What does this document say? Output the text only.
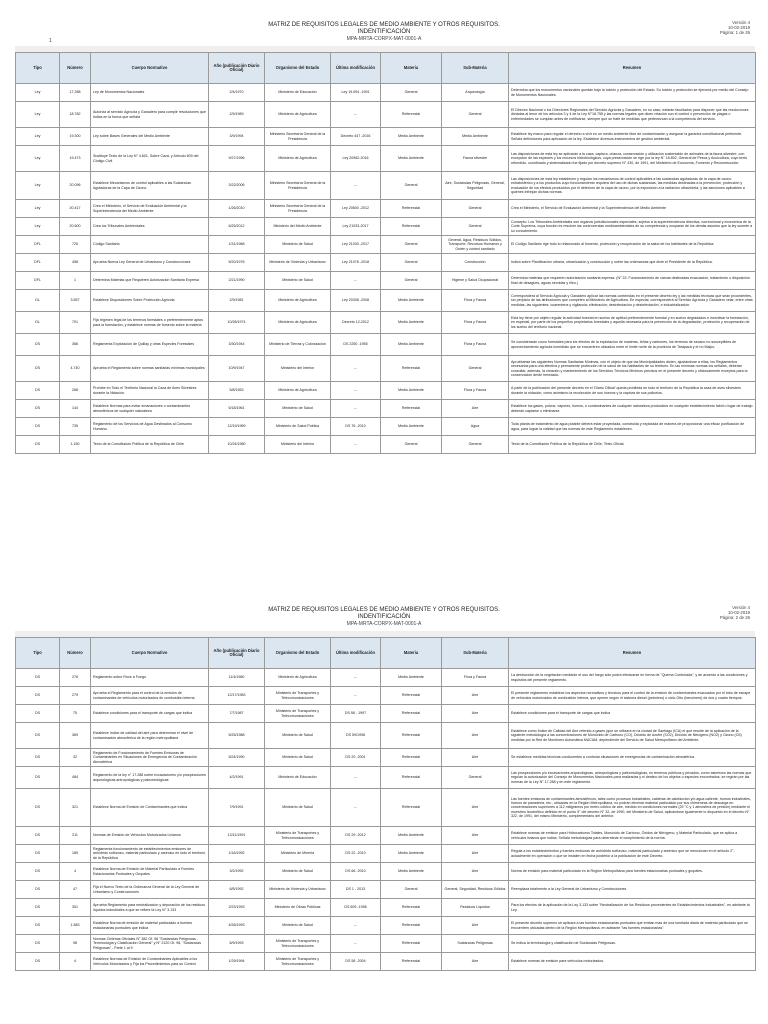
MATRIZ DE REQUISITOS LEGALES DE MEDIO AMBIENTE Y OTROS REQUISITOS.
INDENTIFICACIÓN
MPA-MRTA-CORPX-MAT-0001-A
Versión 4
10-02-2019
Página: 1 de 26
1
Tipo	Número	Cuerpo Normativo	Año (publicación Diario Oficial)	Organismo del Estado	Última modificación	Materia	Sub-Materia	Resumen
Ley	17.288	Ley de Monumentos Nacionales	2/4/1970	Ministerio de Educación	Ley 19.094 -1991	General	Arqueología	Determina que los monumentos nacionales quedan bajo la tuición y protección del Estado. Su tuición y protección se ejercerá por medio del Consejo de Monumentos Nacionales.
Ley	18.782	Autoriza al servicio Agrícola y Ganadero para cumplir resoluciones que indica en la forma que señala	2/9/1989	Ministerio de Agricultura	--	Referencial	General	El Director Nacional o los Directores Regionales del Servicio Agrícola y Ganadero, en su caso, estarán facultados para disponer que las resoluciones dictadas al tenor de los artículos 3 y 4 de la Ley N°18.755 y las normas legales que dicen relación con el control o prevención de plagas o enfermedades se cumplan antes de notificarse, siempre que se trate de medidas que pertenezcan a la competencia del servicio.
Ley	19.300	Ley sobre Bases Generales del Medio Ambiente	3/9/1994	Ministerio Secretaría General de la Presidencia	Decreto 447 -2016	Medio Ambiente	Medio Ambiente	Establece ley marco para regular el derecho a vivir en un medio ambiente libre de contaminación y asegurar la garantía constitucional pertinente. Señala definiciones para aplicación de la ley. Establece diversos instrumentos de gestión ambiental.
Ley	19.473	Sustituye Texto de la Ley N° 4.601, Sobre Caza, y Artículo 609 del Código Civil.	9/27/1996	Ministerio de Agricultura	Ley 20962-2016	Medio Ambiente	Fauna silvestre	Las disposiciones de esta ley se aplicarán a la caza, captura, crianza, conservación y utilización sustentable de animales de la fauna silvestre, con excepción de las especies y los recursos hidrobiológicos, cuya preservación se rige por la ley N° 18.892, General de Pesca y Acuicultura, cuyo texto refundido, coordinado y sistematizado fue fijado por decreto supremo N° 430, de 1991, del Ministerio de Economía, Fomento y Reconstrucción.
Ley	20.096	Establece Mecanismos de control aplicables a las Sustancias Agotadoras de la Capa de Ozono	3/22/2006	Ministerio Secretaría General de la Presidencia	--	General	Aire, Sustancias Peligrosas, General, Seguridad	Las disposiciones de esta ley establecen y regulan los mecanismos de control aplicables a las sustancias agotadoras de la capa de ozono estratosférico y a los productos cuyo funcionamiento requiera del uso de dichas sustancias, las medidas destinadas a la prevención, protección y evaluación de los efectos producidos por el deterioro de la capa de ozono, por la exposición a la radiación ultravioleta, y las sanciones aplicables a quienes infrinjan dichas normas.
Ley	20.417	Crea el Ministerio, el Servicio de Evaluación Ambiental y la Superintendencia del Medio Ambiente	1/26/2010	Ministerio Secretaría General de la Presidencia	Ley 20600 -2012	Referencial	General	Crea el Ministerio, el Servicio de Evaluación Ambiental y la Superintendencia del Medio Ambiente
Ley	20.600	Crea los Tribunales Ambientales	6/25/2012	Ministerio del Medio Ambiente	Ley 21033-2017	Referencial	General	Concepto. Los Tribunales Ambientales son órganos jurisdiccionales especiales, sujetos a la superintendencia directiva, correccional y económica de la Corte Suprema, cuya función es resolver las controversias medioambientales de su competencia y ocuparse de los demás asuntos que la ley somete a su conocimiento.
DFL	725	Código Sanitario	1/31/1968	Ministerio de Salud	Ley 21030 -2017	General	General, Agua, Residuos Sólidos, Transporte, Recursos Humanos y Orden y control sanitario	El Código Sanitario rige todo lo relacionado al fomento, protección y recuperación de la salud de los habitantes de la República.
DFL	458	Aprueba Nueva Ley General de Urbanismo y Construcciones	5/20/1976	Ministerio de Vivienda y Urbanismo	Ley 21078 -2018	General	Construcción	Indica sobre Planificación urbana, urbanización y construcción y sobre las ordenanzas que dicte el Presidente de la República.
DFL	1	Determina Materias que Requieren Autorización Sanitaria Expresa	2/21/1990	Ministerio de Salud	--	General	Higiene y Salud Ocupacional	Determina materias que requieren autorización sanitaria expresa. (N° 22: Funcionamiento de cárcas destinadas evacuación, tratamiento o disposición final de desagües, aguas servidas y rileo.)
DL	3.557	Establece Disposiciones Sobre Protección Agrícola	2/9/1981	Ministerio de Agricultura	Ley 20308 -2008	Medio Ambiente	Flora y Fauna	Corresponderá al Servicio Agrícola y Ganadero aplicar las normas contenidas en el presente decreto ley y las medidas técnicas que sean procedentes, sin perjuicio de las atribuciones que competen al Ministerio de Agricultura. En especial, corresponderá al Servicio Agrícola y Ganadero velar, entre otras medidas, las siguientes: cuarentena y vigilancia; eliminación; desinfectación y desinfectación, e industrialización.
DL	701	Fija régimen legal de los terrenos forestales o preferentemente aptos para la forestación, y establece normas de fomento sobre la materia	10/28/1974	Ministerio de Agricultura	Decreto 12-2012	Medio Ambiente	Flora y Fauna	Esta ley tiene por objeto regular la actividad forestal en suelos de aptitud preferentemente forestal y en suelos degradados e incentivar la forestación, en especial, por parte de los pequeños propietarios forestales y aquella necesaria para la prevención de la degradación, protección y recuperación de los suelos del territorio nacional.
DS	366	Reglamenta Explotación de Quillay y otras Especies Forestales	3/30/1944	Ministerio de Tierras y Colonización	DS 2250 -1955	Medio Ambiente	Flora y Fauna	Se considerarán como forestales para los efectos de la explotación de maderas, leñas y carbones, los terrenos de secano no susceptibles de aprovechamiento agrícola inmediato que se encuentren ubicados entre el límite norte de la provincia de Tarapacá y el río Maipo.
DS	4.740	Aprueba el Reglamento sobre normas sanitarias mínimas municipales	10/9/1947	Ministerio del Interior	--	Referencial	General	Apruébanse las siguientes Normas Sanitarias Mínimas, con el objeto de que las Municipalidades dicten, ajustándose a ellas, los Reglamentos necesarios para una efectiva y permanente protección de la salud de los habitantes de su territorio. En las mínimas normas los señalan, deberán consultar, además, la creación y mantenimiento de los Servicios Técnicos Mínimos precisos en el presente decreto y oficiosamente exceptos para la conservación de/de heredado.
DS	268	Prohíbe en Todo el Territorio Nacional la Caza de Aves Silvestres durante la Nidación.	5/8/1953	Ministerio de Agricultura	--	Medio Ambiente	Flora y Fauna	A partir de la publicación del presente decreto en el 'Diario Oficial' queda prohibida en todo el territorio de la República la caza de aves silvestres durante la nidación, como asimismo la recolección de sus huevos y la captura de sus polluelos.
DS	144	Establece Normas para evitar emanaciones o contaminantes atmosféricos de cualquier naturaleza	5/18/1961	Ministerio de Salud	--	Referencial	Aire	Establece los gases, polvos, vapores, humos, o contaminantes de cualquier naturaleza producidos en cualquier establecimiento fabril o lugar de trabajo deberán captarse o eliminarse.
DS	735	Reglamento de los Servicios de Agua Destinados al Consumo Humano.	12/19/1969	Ministerio de Salud Pública	DS 76 -2010	Medio Ambiente	Agua	Toda planta de tratamiento de agua potable deberá estar proyectada, construida y explotada de manera de proporcionar una eficaz purificación de agua, para lograr la calidad que las normas de este Reglamento establecen.
DS	1.150	Texto de la Constitución Política de la República de Chile	10/24/1980	Ministerio del Interior	--	General	General	Texto de la Constitución Política de la República de Chile, Texto Oficial.
MATRIZ DE REQUISITOS LEGALES DE MEDIO AMBIENTE Y OTROS REQUISITOS.
INDENTIFICACIÓN
MPA-MRTA-CORPX-MAT-0001-A
Versión 4
10-02-2019
Página: 2 de 26
Tipo	Número	Cuerpo Normativo	Año (publicación Diario Oficial)	Organismo del Estado	Última modificación	Materia	Sub-Materia	Resumen
DS	276	Reglamento sobre Roce a Fuego	11/4/1980	Ministerio de Agricultura	--	Medio Ambiente	Flora y Fauna	La destrucción de la vegetación mediante el uso del fuego sólo podrá efectuarse en forma de "Quema Controlada", y de acuerdo a las condiciones y requisitos del presente reglamento.
DS	279	Aprueba el Reglamento para el control de la emisión de contaminantes de vehículos motorizados de combustión interna	12/17/1983	Ministerio de Transportes y Telecomunicaciones	--	Referencial	Aire	El presente reglamento establece los aspectos normativos y técnicos para el control de la emisión de contaminantes evacuados por el tubo de escape de vehículos motorizados de combustión interna, que operen según el sistema diesel (petrolero) o ciclo Otto (bencinero) de dos y cuatro tiempos.
DS	75	Establece condiciones para el transporte de cargas que indica	7/7/1987	Ministerio de Transportes y Telecomunicaciones	DS 58 - 1997	Referencial	Aire	Establece condiciones para el transporte de cargas que indica
DS	369	Establece índice de calidad del aire para determinar el nivel de contaminación atmosférica de la región metropolitana	5/25/1988	Ministerio de Salud	DS 59/1998	Referencial	Aire	Establece como Índice de Calidad del Aire referido a gases (que se utilizará en la ciudad de Santiago (ICA) el que resulte de la aplicación de la siguiente metodología a las concentraciones de Monóxido de Carbono (CO), Dióxido de Azufre (SO2), Dióxido de Nitrógeno (NO2) y Ozono (O3) medidas por la Red de Monitoreo Automática MACAM, dependiente del Servicio de Salud Metropolitano del Ambiente.
DS	32	Reglamento de Funcionamiento de Fuentes Emisoras de Contaminantes en Situaciones de Emergencia de Contaminación Atmosférica	5/24/1990	Ministerio de Salud	DS 20 -2001	Referencial	Aire	Se establece medidas técnicas conducentes a controlar situaciones de emergencias de contaminación atmosférica.
DS	484	Reglamento de la ley n° 17.288 sobre excavaciones y/o prospecciones arqueológicas antropológicas y paleontológicas	4/2/1991	Ministerio de Educación	--	Referencial	General	Las prospecciones y/o excavaciones arqueológicas, antropológicas y paleontológicas, en terrenos públicos y privados, como asimismo las normas que regulan la autorización del Consejo de Monumentos Nacionales para realizarlas y el destino de los objetos o especies encontrados, se regirán por las normas de la Ley N° 17.288 y en este reglamento.
DS	321	Establece Norma de Emisión de Contaminantes que Indica	7/9/1991	Ministerio de Salud	--	Referencial	Aire	Las fuentes emisoras de contaminantes atmosféricos, tales como procesos industriales, calderas de calefacción y/o agua caliente, hornos industriales, hornos de panadería, etc., ubicadas en la Región Metropolitana, no podrán eliminar material particulado por sus chimeneas de descarga en concentraciones superiores a 112 miligramos por metro cúbico de aire, medido en condiciones normales (25 °C y 1 atmósfera de presión) mediante el muestreo isocinético definido en el punto 5° del decreto N° 32, de 1990, del Ministerio de Salud, aplicándose igualmente lo dispuesto en el decreto N° 322, de 1991, del mismo Ministerio, complementario del anterior.
DS	211	Normas de Emisión de Vehículos Motorizados Livianos	12/11/1991	Ministerio de Transportes y Telecomunicaciones	DS 29 -2012	Medio Ambiente	Aire	Establece normas de emisión para Hidrocarburos Totales, Monóxido de Carbono, Óxidos de Nitrógeno, y Material Particulado, que se aplica a vehículos livianos que indica. Señala metodologías para determinar el cumplimiento de la norma.
DS	185	Reglamenta funcionamiento de establecimientos emisores de anhídrido sulfuroso, material particulado y arsénico en todo el territorio de la República	1/16/1992	Ministerio de Minería	DS 22 -2010	Medio Ambiente	Aire	Regula a los establecimientos y fuentes emisoras de anhídrido sulfuroso, material particulado y arsénico que se mencionan en el artículo 2°, actualmente en operación o que se instalen en fecha posterior a la publicación de este Decreto.
DS	4	Establece Norma de Emisión de Material Particulado a Fuentes Estacionarias Puntuales y Grupales	3/2/1992	Ministerio de Salud	DS 66 -2010	Medio Ambiente	Aire	Norma de emisión para material particulado en la Región Metropolitana para fuentes estacionarias puntuales y grupales.
DS	47	Fija el Nuevo Texto de la Ordenanza General de la Ley General de Urbanismo y Construcciones	6/5/1992	Ministerio de Vivienda y Urbanismo	DS 1 - 2013	General	General, Seguridad, Residuos Sólidos	Reemplaza totalmente a la Ley General de Urbanismo y Construcciones
DS	351	Aprueba Reglamento para neutralización y depuración de los residuos líquidos industriales a que se refiere la Ley N° 3.133	2/23/1993	Ministerio de Obras Públicas	DS 609 -1998	Referencial	Residuos Líquidos	Para los efectos de la aplicación de la Ley 3.133 sobre "Neutralización de los Residuos provenientes de Establecimientos Industriales", en adelante la Ley.
DS	1.583	Establece Norma de emisión de material particulado a fuentes estacionarias puntuales que indica	4/26/1993	Ministerio de Salud	--	Referencial	Aire	El presente decreto supremo se aplicará a las fuentes estacionarias puntuales que emitan más de una tonelada diaria de material particulado que se encuentren ubicadas dentro de la Región Metropolitana, en adelante "las fuentes estacionarias".
DS	98	Normas Chilenas Oficiales N° 382 Of. 98 "Sustancias Peligrosas - Terminología y Clasificación General" y N° 2120 Of. 98, "Sustancias Peligrosas" - Parte 1 al 9	6/9/1993	Ministerio de Transportes y Telecomunicaciones	--	Referencial	Sustancias Peligrosas	Se indica la terminología y clasificación de Sustancias Peligrosas.
DS	4	Establece Normas de Emisión de Contaminantes Aplicables a los Vehículos Motorizados y Fija los Procedimientos para su Control	1/29/1994	Ministerio de Transportes y Telecomunicaciones	DS 58 -2004	Referencial	Aire	Establece normas de emisión para vehículos motorizados.
